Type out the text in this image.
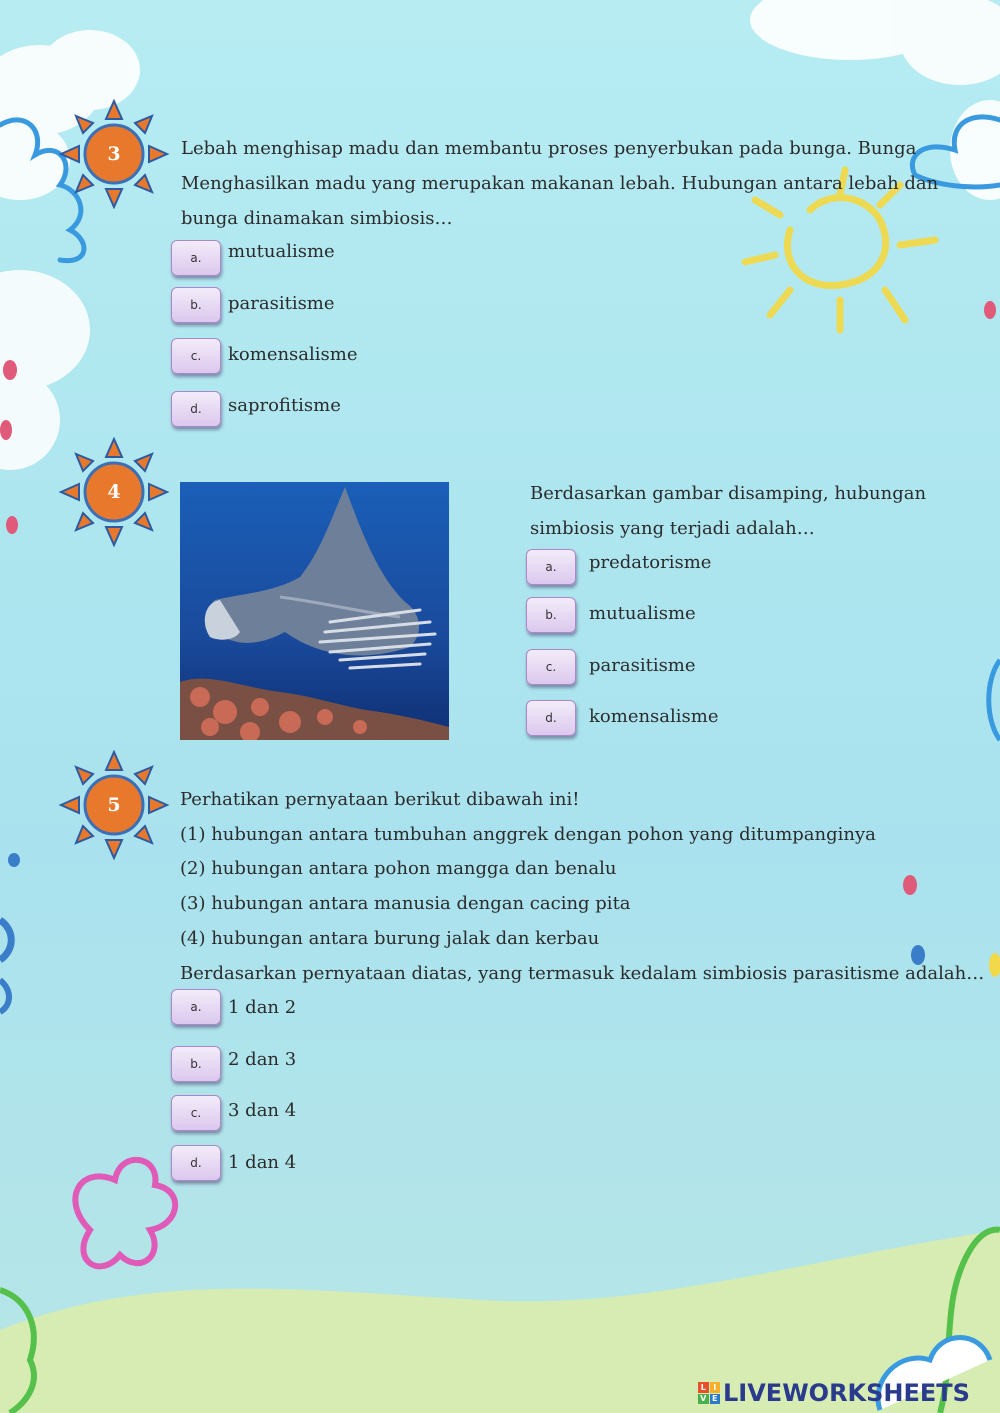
3
4
5

Lebah menghisap madu dan membantu proses penyerbukan pada bunga. Bunga

Menghasilkan madu yang merupakan makanan lebah. Hubungan antara lebah dan

bunga dinamakan simbiosis…

a.	mutualisme
b.	parasitisme
c.	komensalisme
d.	saprofitisme

Berdasarkan gambar disamping, hubungan

simbiosis yang terjadi adalah…

a.	predatorisme
b.	mutualisme
c.	parasitisme
d.	komensalisme

Perhatikan pernyataan berikut dibawah ini!

(1) hubungan antara tumbuhan anggrek dengan pohon yang ditumpanginya

(2) hubungan antara pohon mangga dan benalu

(3) hubungan antara manusia dengan cacing pita

(4) hubungan antara burung jalak dan kerbau

Berdasarkan pernyataan diatas, yang termasuk kedalam simbiosis parasitisme adalah…

a.	1 dan 2
b.	2 dan 3
c.	3 dan 4
d.	1 dan 4
L I
V E LIVEWORKSHEETS
